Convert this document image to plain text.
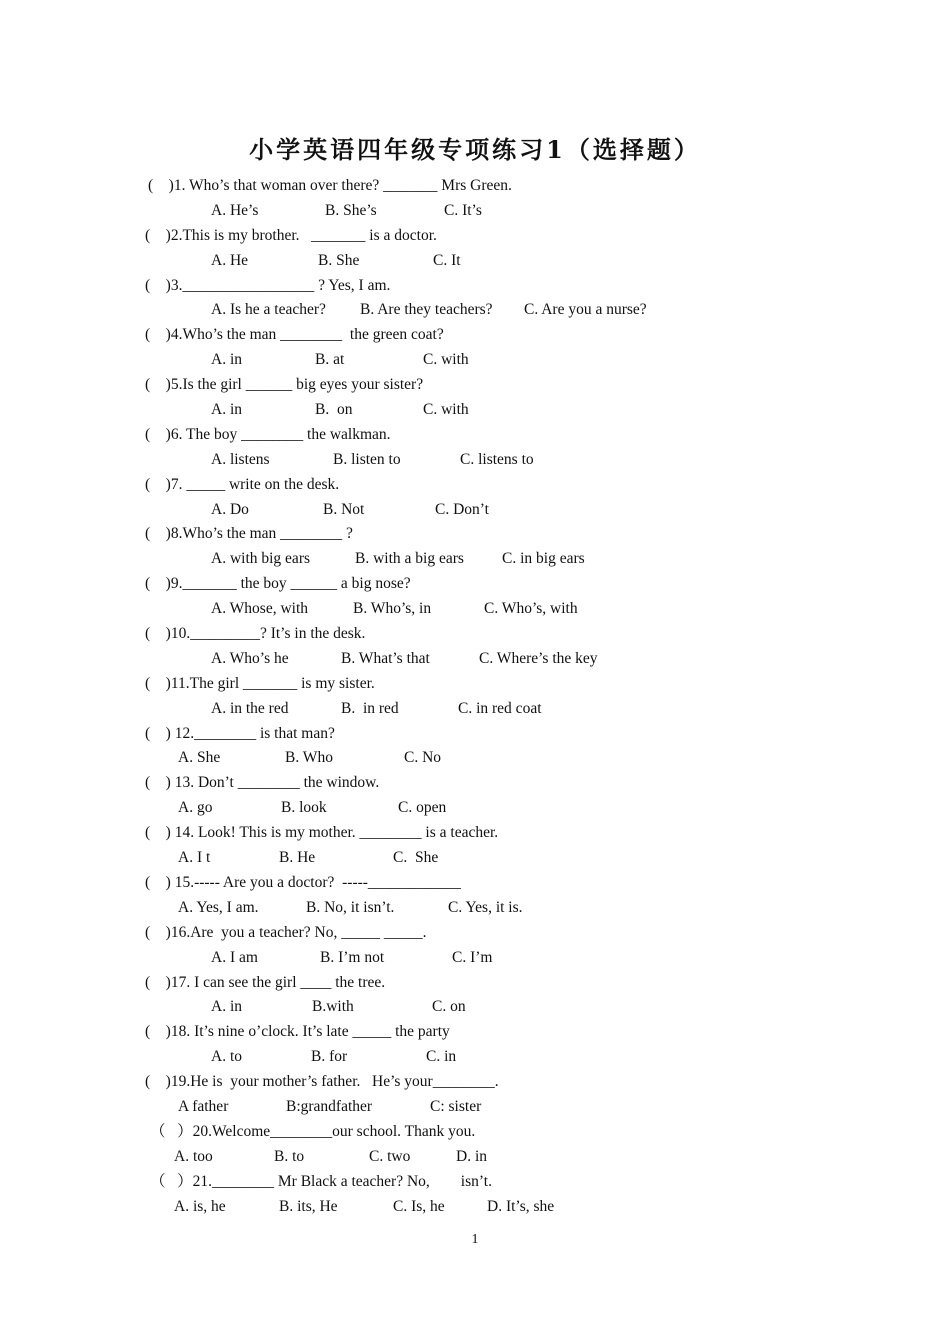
小学英语四年级专项练习1（选择题）
(    )1. Who’s that woman over there? _______ Mrs Green.
A. He’s	B. She’s	C. It’s
(    )2.This is my brother.   _______ is a doctor.
A. He	B. She	C. It
(    )3._________________ ? Yes, I am.
A. Is he a teacher? B. Are they teachers? C. Are you a nurse?
(    )4.Who’s the man ________  the green coat?
A. in	B. at	C. with
(    )5.Is the girl ______ big eyes your sister?
A. in	B.  on	C. with
(    )6. The boy ________ the walkman.
A. listens	B. listen to	C. listens to
(    )7. _____ write on the desk.
A. Do	B. Not	C. Don’t
(    )8.Who’s the man ________ ?
A. with big ears	B. with a big ears C. in big ears
(    )9._______ the boy ______ a big nose?
A. Whose, with	B. Who’s, in	C. Who’s, with
(    )10._________? It’s in the desk.
A. Who’s he	B. What’s that	C. Where’s the key
(    )11.The girl _______ is my sister.
A. in the red	B.  in red	C. in red coat
(    ) 12.________ is that man?
A. She	B. Who	C. No
(    ) 13. Don’t ________ the window.
A. go	B. look	C. open
(    ) 14. Look! This is my mother. ________ is a teacher.
A. I t	B. He	C.  She
(    ) 15.----- Are you a doctor?  -----____________
A. Yes, I am.	B. No, it isn’t.	C. Yes, it is.
(    )16.Are  you a teacher? No, _____ _____.
A. I am	B. I’m not	C. I’m
(    )17. I can see the girl ____ the tree.
A. in	B.with	C. on
(    )18. It’s nine o’clock. It’s late _____ the party
A. to	B. for	C. in
(    )19.He is  your mother’s father.   He’s your________.
A father	B:grandfather	C: sister
（   ）20.Welcome________our school. Thank you.
A. too	B. to	C. two	D. in
（   ）21.________ Mr Black a teacher? No,        isn’t.
A. is, he	B. its, He	C. Is, he	D. It’s, she
1
